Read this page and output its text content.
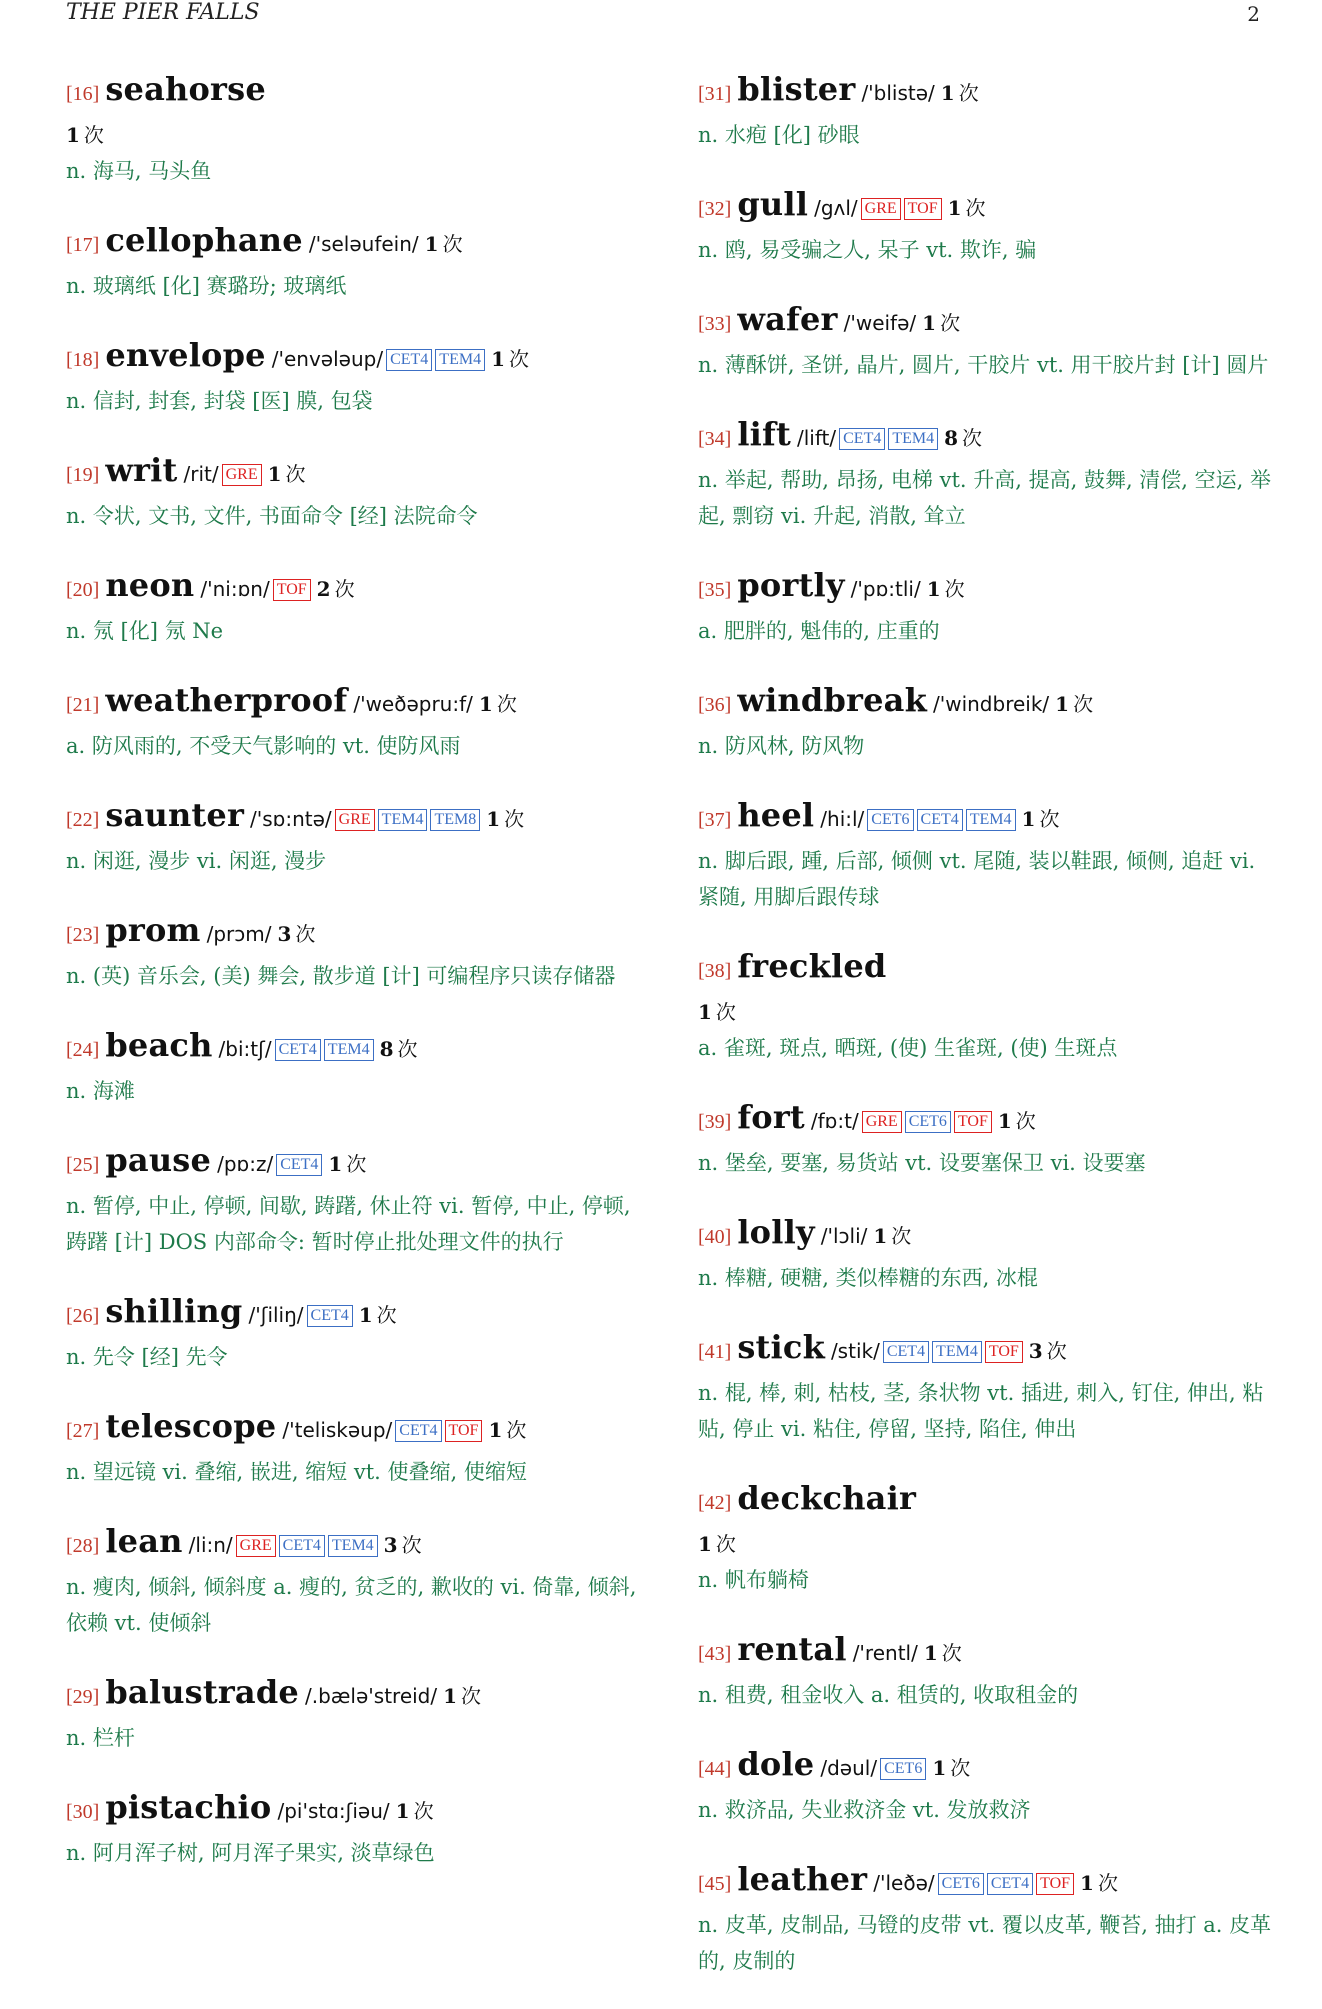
THE PIER FALLS	2
[16] seahorse
1 次
n. 海马, 马头鱼
[17] cellophane /'seləufein/ 1 次
n. 玻璃纸 [化] 赛璐玢; 玻璃纸
[18] envelope /'envələup/ CET4 TEM4 1 次
n. 信封, 封套, 封袋 [医] 膜, 包袋
[19] writ /rit/ GRE 1 次
n. 令状, 文书, 文件, 书面命令 [经] 法院命令
[20] neon /'ni:ɒn/ TOF 2 次
n. 氖 [化] 氖 Ne
[21] weatherproof /'weðəpru:f/ 1 次
a. 防风雨的, 不受天气影响的 vt. 使防风雨
[22] saunter /'sɒ:ntə/ GRE TEM4 TEM8 1 次
n. 闲逛, 漫步 vi. 闲逛, 漫步
[23] prom /prɔm/ 3 次
n. (英) 音乐会, (美) 舞会, 散步道 [计] 可编程序只读存储器
[24] beach /bi:tʃ/ CET4 TEM4 8 次
n. 海滩
[25] pause /pɒ:z/ CET4 1 次
n. 暂停, 中止, 停顿, 间歇, 踌躇, 休止符 vi. 暂停, 中止, 停顿, 踌躇 [计] DOS 内部命令: 暂时停止批处理文件的执行
[26] shilling /'ʃiliŋ/ CET4 1 次
n. 先令 [经] 先令
[27] telescope /'teliskəup/ CET4 TOF 1 次
n. 望远镜 vi. 叠缩, 嵌进, 缩短 vt. 使叠缩, 使缩短
[28] lean /li:n/ GRE CET4 TEM4 3 次
n. 瘦肉, 倾斜, 倾斜度 a. 瘦的, 贫乏的, 歉收的 vi. 倚靠, 倾斜, 依赖 vt. 使倾斜
[29] balustrade /.bælə'streid/ 1 次
n. 栏杆
[30] pistachio /pi'stɑ:ʃiəu/ 1 次
n. 阿月浑子树, 阿月浑子果实, 淡草绿色
[31] blister /'blistə/ 1 次
n. 水疱 [化] 砂眼
[32] gull /gʌl/ GRE TOF 1 次
n. 鸥, 易受骗之人, 呆子 vt. 欺诈, 骗
[33] wafer /'weifə/ 1 次
n. 薄酥饼, 圣饼, 晶片, 圆片, 干胶片 vt. 用干胶片封 [计] 圆片
[34] lift /lift/ CET4 TEM4 8 次
n. 举起, 帮助, 昂扬, 电梯 vt. 升高, 提高, 鼓舞, 清偿, 空运, 举起, 剽窃 vi. 升起, 消散, 耸立
[35] portly /'pɒ:tli/ 1 次
a. 肥胖的, 魁伟的, 庄重的
[36] windbreak /'windbreik/ 1 次
n. 防风林, 防风物
[37] heel /hi:l/ CET6 CET4 TEM4 1 次
n. 脚后跟, 踵, 后部, 倾侧 vt. 尾随, 装以鞋跟, 倾侧, 追赶 vi. 紧随, 用脚后跟传球
[38] freckled
1 次
a. 雀斑, 斑点, 晒斑, (使) 生雀斑, (使) 生斑点
[39] fort /fɒ:t/ GRE CET6 TOF 1 次
n. 堡垒, 要塞, 易货站 vt. 设要塞保卫 vi. 设要塞
[40] lolly /'lɔli/ 1 次
n. 棒糖, 硬糖, 类似棒糖的东西, 冰棍
[41] stick /stik/ CET4 TEM4 TOF 3 次
n. 棍, 棒, 刺, 枯枝, 茎, 条状物 vt. 插进, 刺入, 钉住, 伸出, 粘贴, 停止 vi. 粘住, 停留, 坚持, 陷住, 伸出
[42] deckchair
1 次
n. 帆布躺椅
[43] rental /'rentl/ 1 次
n. 租费, 租金收入 a. 租赁的, 收取租金的
[44] dole /dəul/ CET6 1 次
n. 救济品, 失业救济金 vt. 发放救济
[45] leather /'leðə/ CET6 CET4 TOF 1 次
n. 皮革, 皮制品, 马镫的皮带 vt. 覆以皮革, 鞭苔, 抽打 a. 皮革的, 皮制的
